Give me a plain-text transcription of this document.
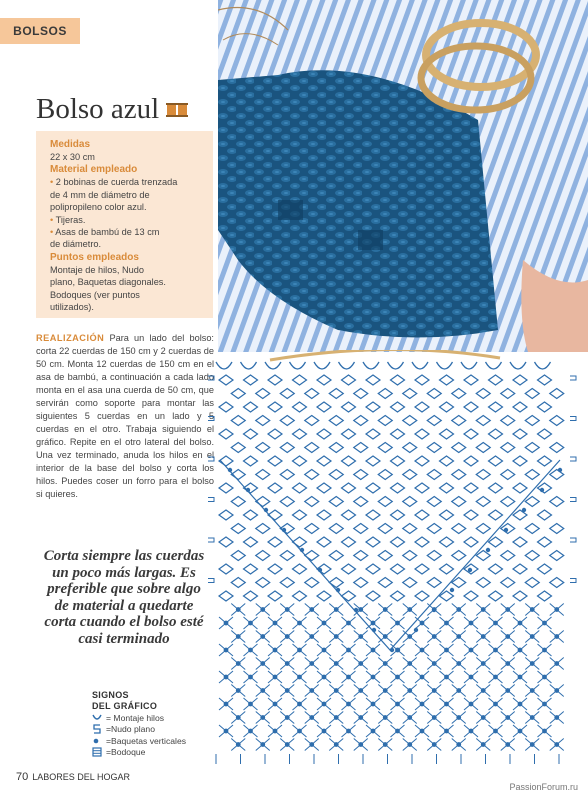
BOLSOS
Bolso azul
Medidas
22 x 30 cm
Material empleado
• 2 bobinas de cuerda trenzada
de 4 mm de diámetro de
polipropileno color azul.
• Tijeras.
• Asas de bambú de 13 cm
de diámetro.
Puntos empleados
Montaje de hilos, Nudo
plano, Baquetas diagonales.
Bodoques (ver puntos
utilizados).

REALIZACIÓN Para un lado del bolso: corta 22 cuerdas de 150 cm y 2 cuerdas de 50 cm. Monta 12 cuerdas de 150 cm en el asa de bambú, a continuación a cada lado monta en el asa una cuerda de 50 cm, que servirán como soporte para montar las siguientes 5 cuerdas en un lado y 5 cuerdas en el otro. Trabaja siguiendo el gráfico. Repite en el otro lateral del bolso. Una vez terminado, anuda los hilos en el interior de la base del bolso y corta los hilos. Puedes coser un forro para el bolso si quieres.

Corta siempre las cuerdas
un poco más largas. Es
preferible que sobre algo
de material a quedarte
corta cuando el bolso esté
casi terminado
SIGNOS
DEL GRÁFICO
= Montaje hilos
=Nudo plano
=Baquetas verticales
=Bodoque
70 LABORES DEL HOGAR
PassionForum.ru
